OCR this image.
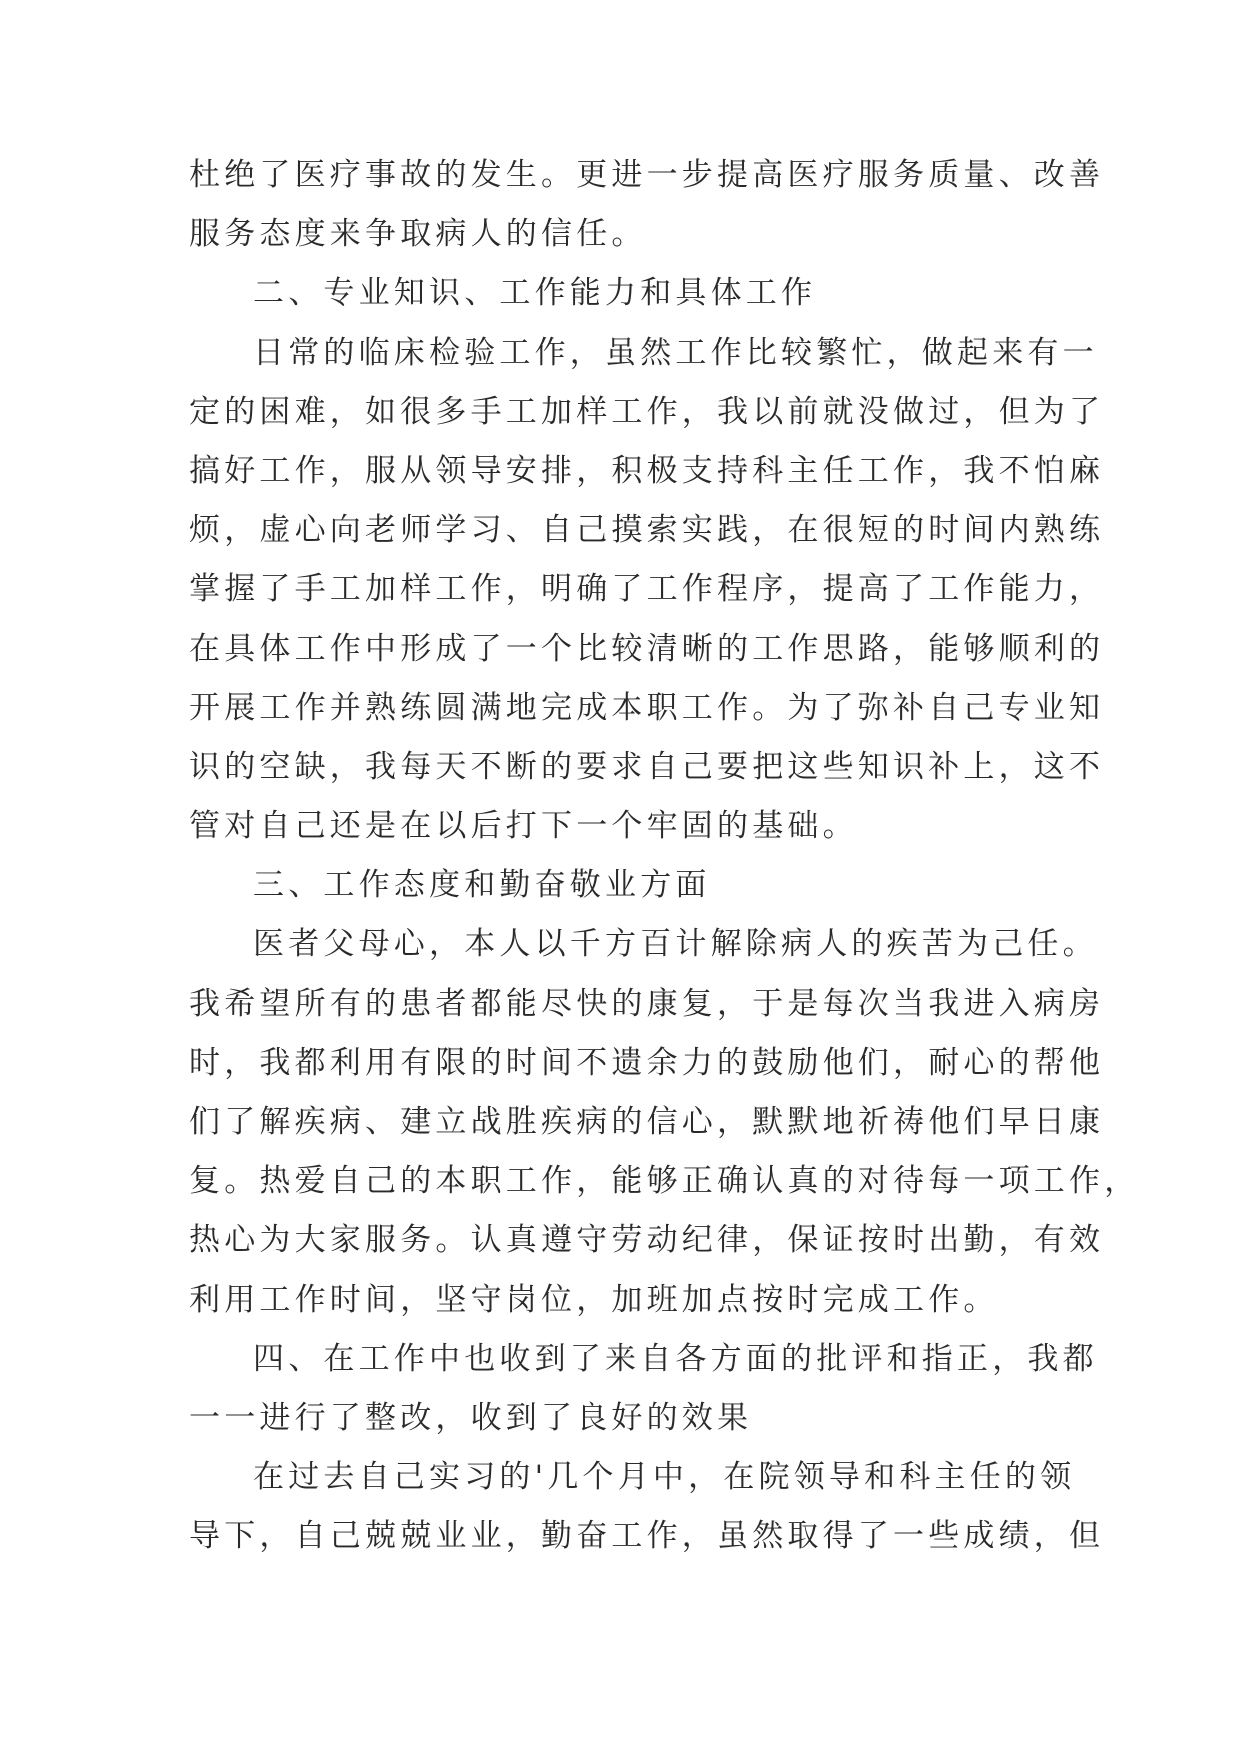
杜绝了医疗事故的发生。更进一步提高医疗服务质量、改善
服务态度来争取病人的信任。
二、专业知识、工作能力和具体工作
日常的临床检验工作，虽然工作比较繁忙，做起来有一
定的困难，如很多手工加样工作，我以前就没做过，但为了
搞好工作，服从领导安排，积极支持科主任工作，我不怕麻
烦，虚心向老师学习、自己摸索实践，在很短的时间内熟练
掌握了手工加样工作，明确了工作程序，提高了工作能力，
在具体工作中形成了一个比较清晰的工作思路，能够顺利的
开展工作并熟练圆满地完成本职工作。为了弥补自己专业知
识的空缺，我每天不断的要求自己要把这些知识补上，这不
管对自己还是在以后打下一个牢固的基础。
三、工作态度和勤奋敬业方面
医者父母心，本人以千方百计解除病人的疾苦为己任。
我希望所有的患者都能尽快的康复，于是每次当我进入病房
时，我都利用有限的时间不遗余力的鼓励他们，耐心的帮他
们了解疾病、建立战胜疾病的信心，默默地祈祷他们早日康
复。热爱自己的本职工作，能够正确认真的对待每一项工作，
热心为大家服务。认真遵守劳动纪律，保证按时出勤，有效
利用工作时间，坚守岗位，加班加点按时完成工作。
四、在工作中也收到了来自各方面的批评和指正，我都
一一进行了整改，收到了良好的效果
在过去自己实习的'几个月中，在院领导和科主任的领
导下，自己兢兢业业，勤奋工作，虽然取得了一些成绩，但
